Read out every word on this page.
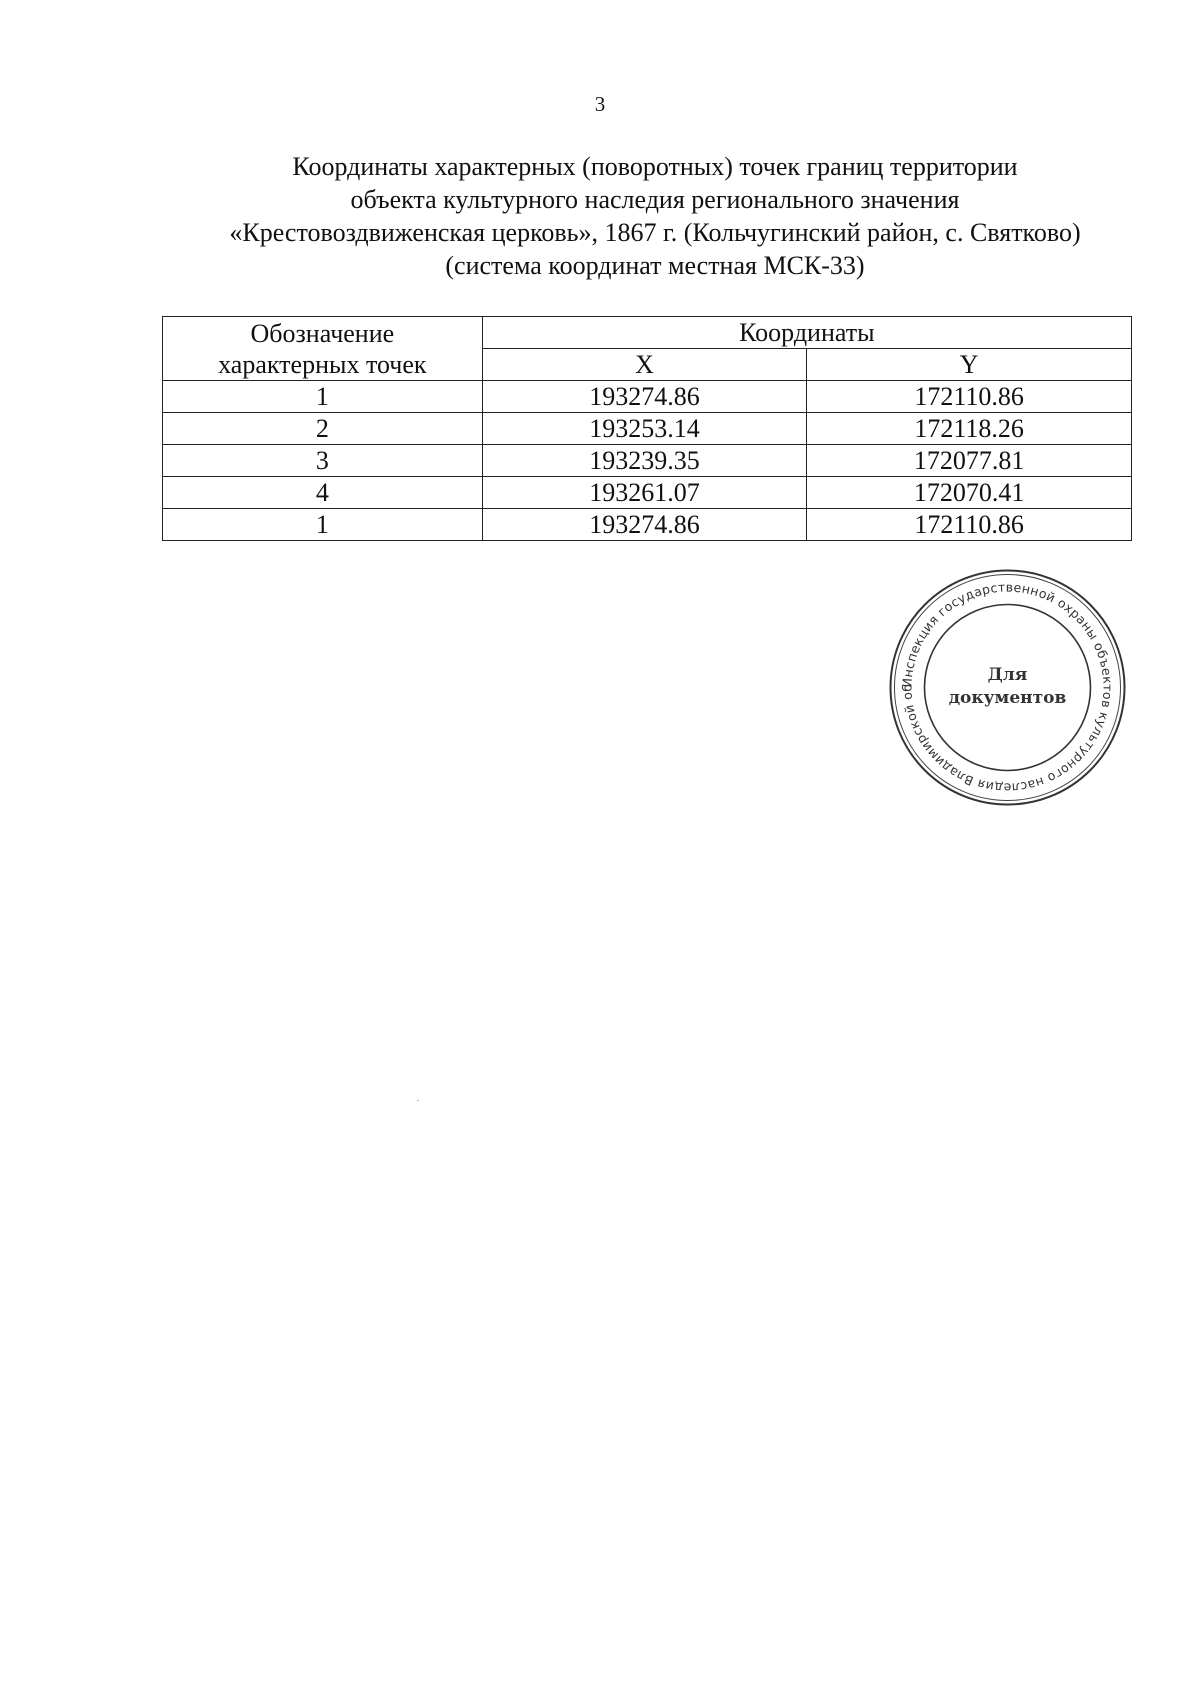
3
Координаты характерных (поворотных) точек границ территории
объекта культурного наследия регионального значения
«Крестовоздвиженская церковь», 1867 г. (Кольчугинский район, с. Святково)
(система координат местная МСК-33)
Обозначение
характерных точек	Координаты	
	X	Y
1	193274.86	172110.86
2	193253.14	172118.26
3	193239.35	172077.81
4	193261.07	172070.41
1	193274.86	172110.86
Инспекция государственной охраны объектов культурного наследия Владимирской об
Для
документов
